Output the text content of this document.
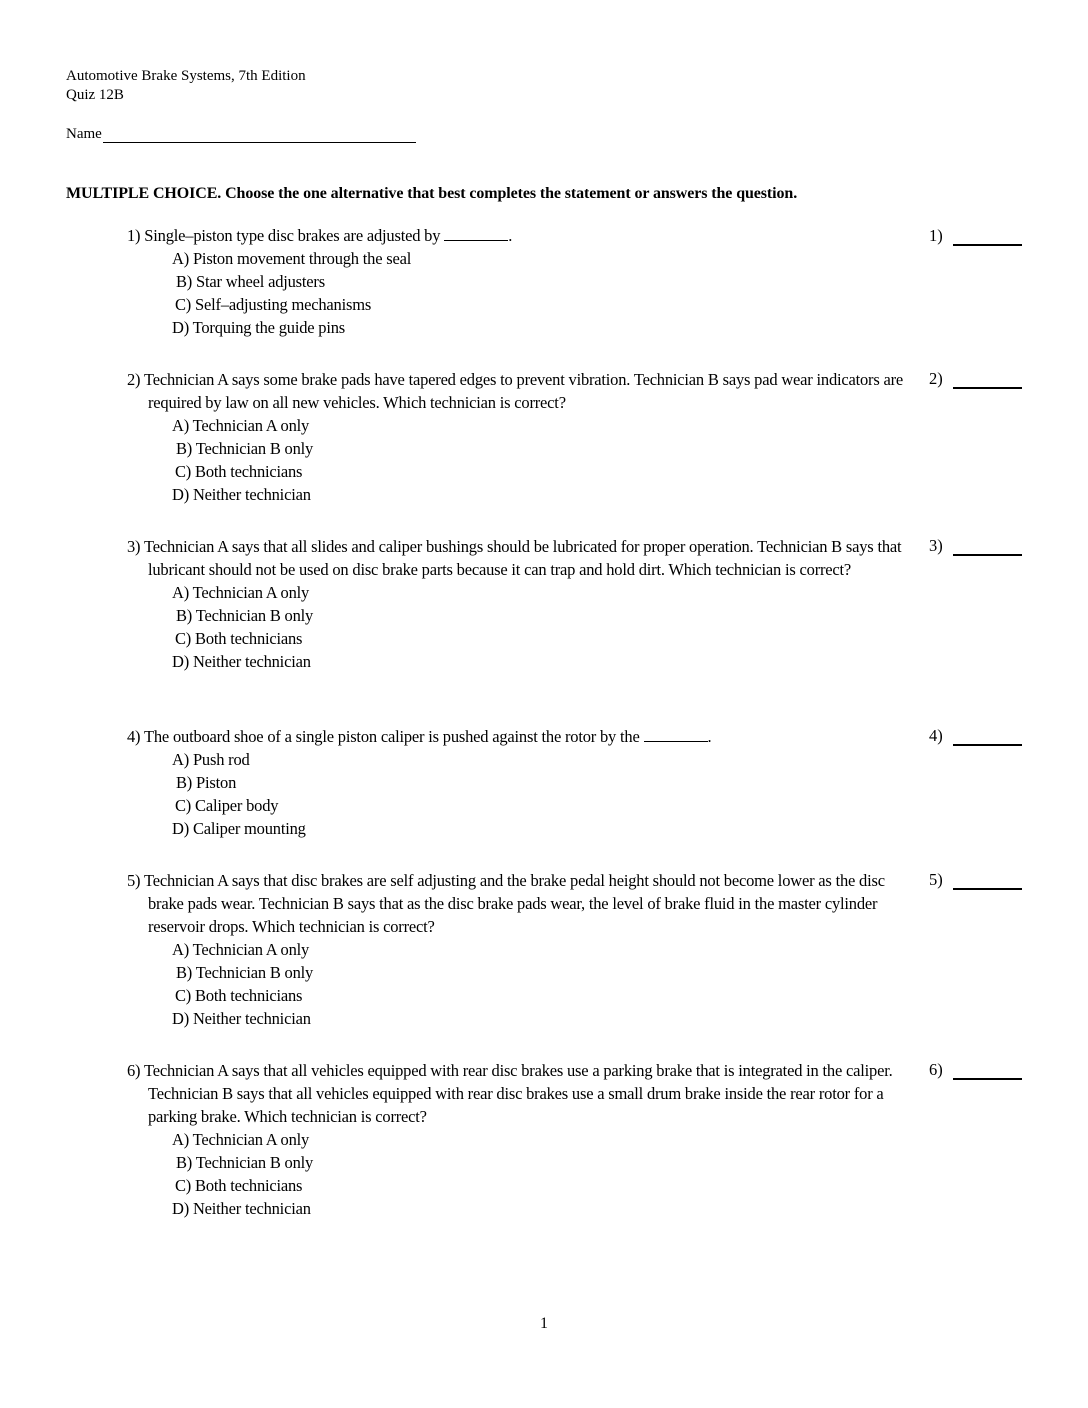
Automotive Brake Systems, 7th Edition
Quiz 12B
Name
MULTIPLE CHOICE. Choose the one alternative that best completes the statement or answers the question.
1) Single–piston type disc brakes are adjusted by	.
A) Piston movement through the seal
B) Star wheel adjusters
C) Self–adjusting mechanisms
D) Torquing the guide pins
1)
2) Technician A says some brake pads have tapered edges to prevent vibration. Technician B says pad wear indicators are required by law on all new vehicles. Which technician is correct?
A) Technician A only
B) Technician B only
C) Both technicians
D) Neither technician
2)
3) Technician A says that all slides and caliper bushings should be lubricated for proper operation. Technician B says that lubricant should not be used on disc brake parts because it can trap and hold dirt. Which technician is correct?
A) Technician A only
B) Technician B only
C) Both technicians
D) Neither technician
3)
4) The outboard shoe of a single piston caliper is pushed against the rotor by the	.
A) Push rod
B) Piston
C) Caliper body
D) Caliper mounting
4)
5) Technician A says that disc brakes are self adjusting and the brake pedal height should not become lower as the disc brake pads wear. Technician B says that as the disc brake pads wear, the level of brake fluid in the master cylinder reservoir drops. Which technician is correct?
A) Technician A only
B) Technician B only
C) Both technicians
D) Neither technician
5)
6) Technician A says that all vehicles equipped with rear disc brakes use a parking brake that is integrated in the caliper. Technician B says that all vehicles equipped with rear disc brakes use a small drum brake inside the rear rotor for a parking brake. Which technician is correct?
A) Technician A only
B) Technician B only
C) Both technicians
D) Neither technician
6)
1
